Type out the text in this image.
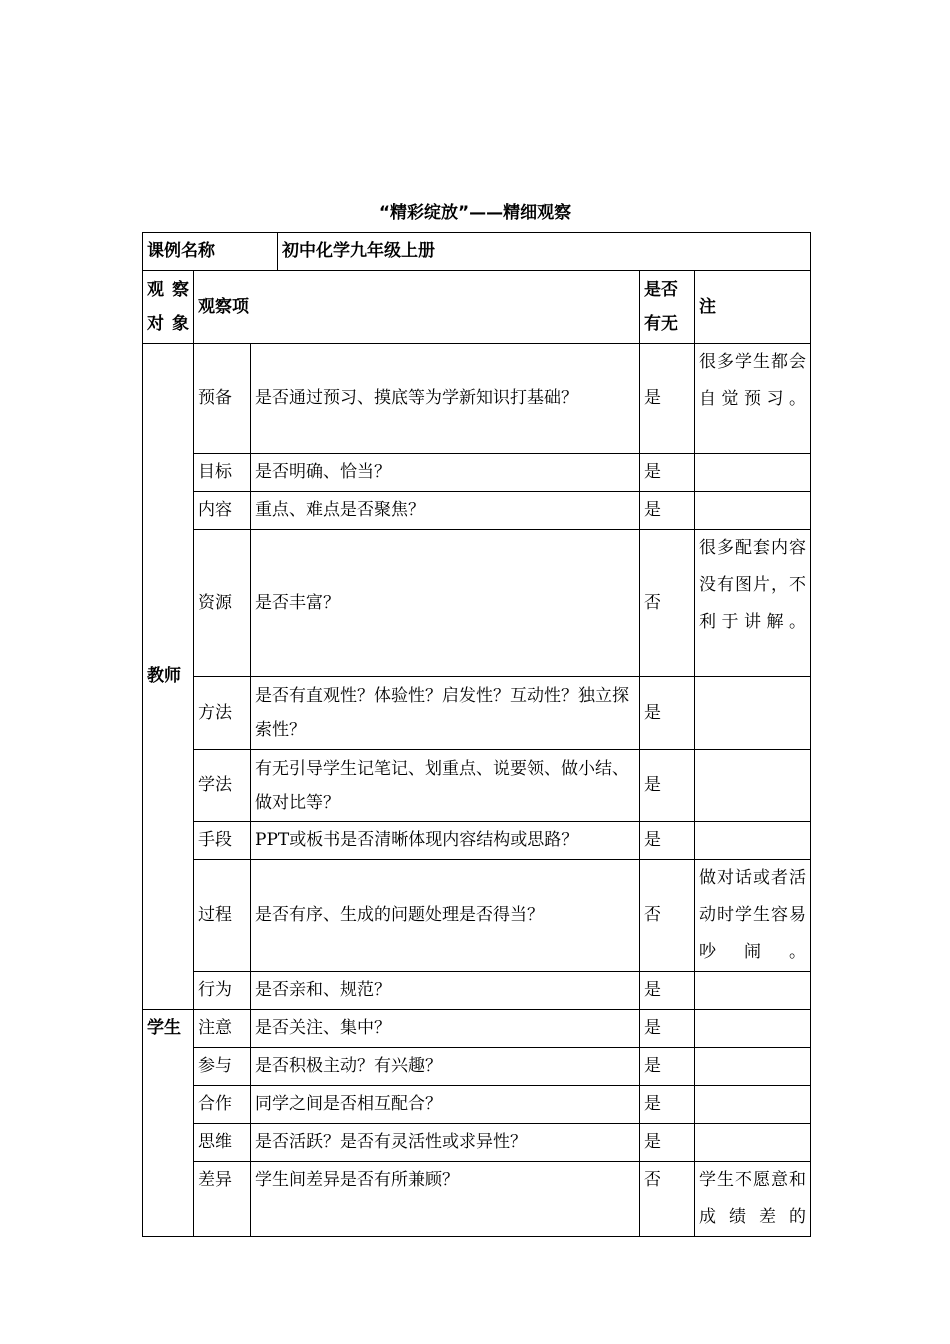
“精彩绽放”——精细观察
课例名称			初中化学九年级上册		
观 察 对象	观察项			是否有无	注
教师	预备	是否通过预习、摸底等为学新知识打基础？		是	很多学生都会自觉预习。
	目标	是否明确、恰当？		是	
	内容	重点、难点是否聚焦？		是	
	资源	是否丰富？		否	很多配套内容没有图片，不利于讲解。
	方法	是否有直观性？体验性？启发性？互动性？独立探索性？		是	
	学法	有无引导学生记笔记、划重点、说要领、做小结、做对比等？		是	
	手段	PPT或板书是否清晰体现内容结构或思路？		是	
	过程	是否有序、生成的问题处理是否得当？		否	做对话或者活动时学生容易吵闹。
	行为	是否亲和、规范？		是	
学生	注意	是否关注、集中？		是	
	参与	是否积极主动？有兴趣？		是	
	合作	同学之间是否相互配合？		是	
	思维	是否活跃？是否有灵活性或求异性？		是	
	差异	学生间差异是否有所兼顾？		否	学生不愿意和成绩差的
